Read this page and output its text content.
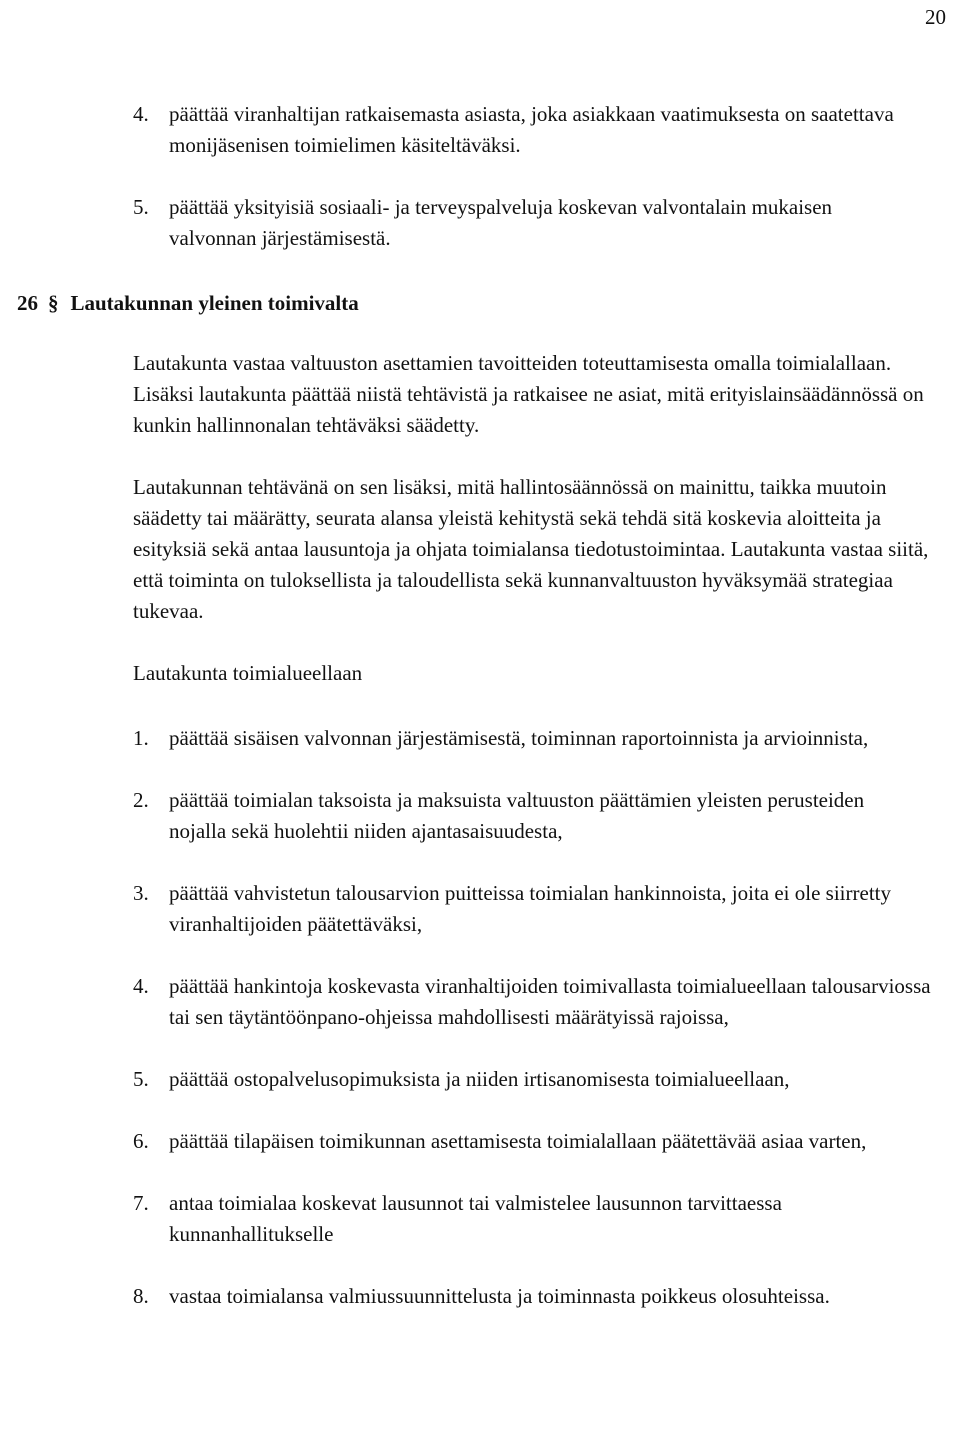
20
26 § Lautakunnan yleinen toimivalta
4. päättää viranhaltijan ratkaisemasta asiasta, joka asiakkaan vaatimuksesta on saatettava monijäsenisen toimielimen käsiteltäväksi.
5. päättää yksityisiä sosiaali- ja terveyspalveluja koskevan valvontalain mukaisen valvonnan järjestämisestä.

Lautakunta vastaa valtuuston asettamien tavoitteiden toteuttamisesta omalla toimialallaan. Lisäksi lautakunta päättää niistä tehtävistä ja ratkaisee ne asiat, mitä erityislainsäädännössä on kunkin hallinnonalan tehtäväksi säädetty.

Lautakunnan tehtävänä on sen lisäksi, mitä hallintosäännössä on mainittu, taikka muutoin säädetty tai määrätty, seurata alansa yleistä kehitystä sekä tehdä sitä koskevia aloitteita ja esityksiä sekä antaa lausuntoja ja ohjata toimialansa tiedotustoimintaa. Lautakunta vastaa siitä, että toiminta on tuloksellista ja taloudellista sekä kunnanvaltuuston hyväksymää strategiaa tukevaa.

Lautakunta toimialueellaan

1. päättää sisäisen valvonnan järjestämisestä, toiminnan raportoinnista ja arvioinnista,
2. päättää toimialan taksoista ja maksuista valtuuston päättämien yleisten perusteiden nojalla sekä huolehtii niiden ajantasaisuudesta,
3. päättää vahvistetun talousarvion puitteissa toimialan hankinnoista, joita ei ole siirretty viranhaltijoiden päätettäväksi,
4. päättää hankintoja koskevasta viranhaltijoiden toimivallasta toimialueellaan talousarviossa tai sen täytäntöönpano-ohjeissa mahdollisesti määrätyissä rajoissa,
5. päättää ostopalvelusopimuksista ja niiden irtisanomisesta toimialueellaan,
6. päättää tilapäisen toimikunnan asettamisesta toimialallaan päätettävää asiaa varten,
7. antaa toimialaa koskevat lausunnot tai valmistelee lausunnon tarvittaessa kunnanhallitukselle
8. vastaa toimialansa valmiussuunnittelusta ja toiminnasta poikkeus olosuhteissa.
